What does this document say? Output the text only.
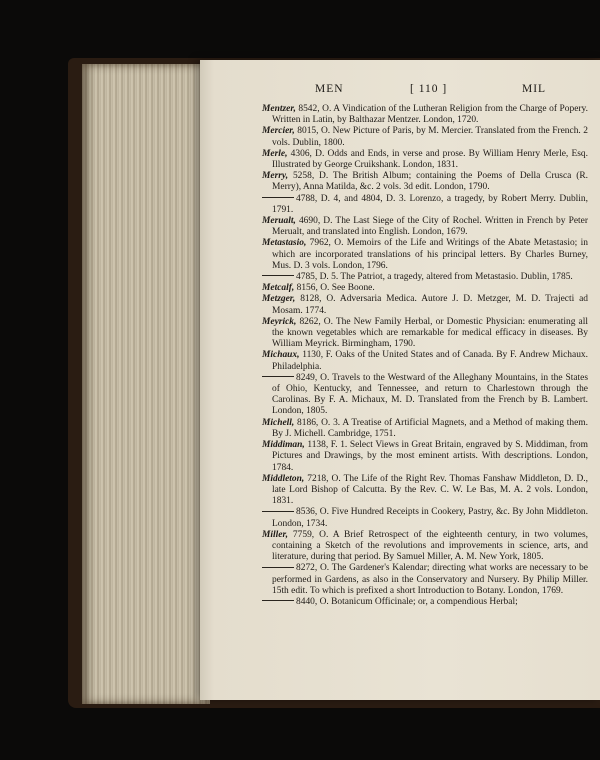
MEN	[ 110 ]	MIL

Mentzer, 8542, O. A Vindication of the Lutheran Religion from the Charge of Popery. Written in Latin, by Balthazar Mentzer. London, 1720.

Mercier, 8015, O. New Picture of Paris, by M. Mercier. Translated from the French. 2 vols. Dublin, 1800.

Merle, 4306, D. Odds and Ends, in verse and prose. By William Henry Merle, Esq. Illustrated by George Cruikshank. London, 1831.

Merry, 5258, D. The British Album; containing the Poems of Della Crusca (R. Merry), Anna Matilda, &c. 2 vols. 3d edit. London, 1790.

4788, D. 4, and 4804, D. 3. Lorenzo, a tragedy, by Robert Merry. Dublin, 1791.

Merualt, 4690, D. The Last Siege of the City of Rochel. Written in French by Peter Merualt, and translated into English. London, 1679.

Metastasio, 7962, O. Memoirs of the Life and Writings of the Abate Metastasio; in which are incorporated translations of his principal letters. By Charles Burney, Mus. D. 3 vols. London, 1796.

4785, D. 5. The Patriot, a tragedy, altered from Metastasio. Dublin, 1785.

Metcalf, 8156, O. See Boone.

Metzger, 8128, O. Adversaria Medica. Autore J. D. Metzger, M. D. Trajecti ad Mosam. 1774.

Meyrick, 8262, O. The New Family Herbal, or Domestic Physician: enumerating all the known vegetables which are remarkable for medical efficacy in diseases. By William Meyrick. Birmingham, 1790.

Michaux, 1130, F. Oaks of the United States and of Canada. By F. Andrew Michaux. Philadelphia.

8249, O. Travels to the Westward of the Alleghany Mountains, in the States of Ohio, Kentucky, and Tennessee, and return to Charlestown through the Carolinas. By F. A. Michaux, M. D. Translated from the French by B. Lambert. London, 1805.

Michell, 8186, O. 3. A Treatise of Artificial Magnets, and a Method of making them. By J. Michell. Cambridge, 1751.

Middiman, 1138, F. 1. Select Views in Great Britain, engraved by S. Middiman, from Pictures and Drawings, by the most eminent artists. With descriptions. London, 1784.

Middleton, 7218, O. The Life of the Right Rev. Thomas Fanshaw Middleton, D. D., late Lord Bishop of Calcutta. By the Rev. C. W. Le Bas, M. A. 2 vols. London, 1831.

8536, O. Five Hundred Receipts in Cookery, Pastry, &c. By John Middleton. London, 1734.

Miller, 7759, O. A Brief Retrospect of the eighteenth century, in two volumes, containing a Sketch of the revolutions and improvements in science, arts, and literature, during that period. By Samuel Miller, A. M. New York, 1805.

8272, O. The Gardener's Kalendar; directing what works are necessary to be performed in Gardens, as also in the Conservatory and Nursery. By Philip Miller. 15th edit. To which is prefixed a short Introduction to Botany. London, 1769.

8440, O. Botanicum Officinale; or, a compendious Herbal;
